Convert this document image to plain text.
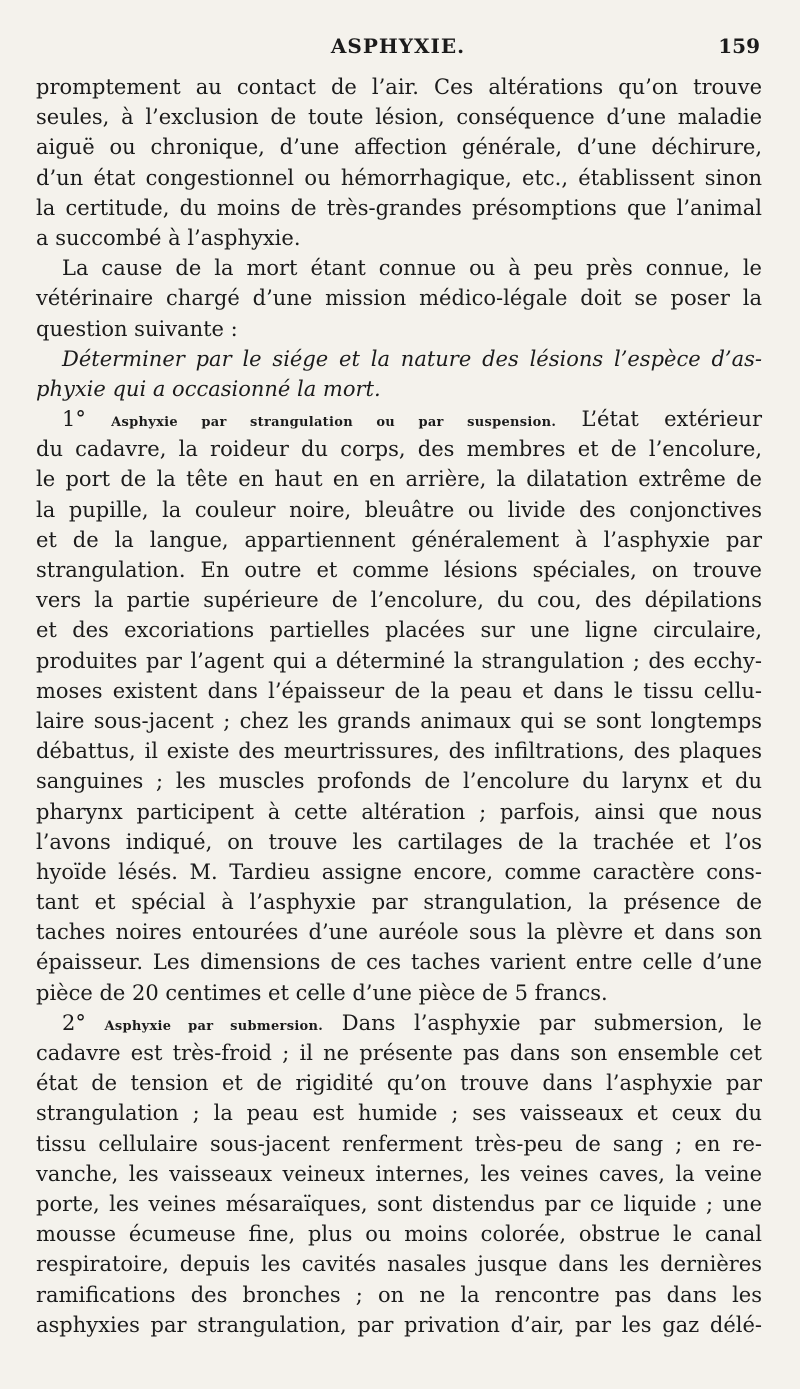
ASPHYXIE.	159
promptement au contact de l’air. Ces altérations qu’on trouve
seules, à l’exclusion de toute lésion, conséquence d’une maladie
aiguë ou chronique, d’une affection générale, d’une déchirure,
d’un état congestionnel ou hémorrhagique, etc., établissent sinon
la certitude, du moins de très-grandes présomptions que l’animal
a succombé à l’asphyxie.
La cause de la mort étant connue ou à peu près connue, le
vétérinaire chargé d’une mission médico-légale doit se poser la
question suivante :
Déterminer par le siége et la nature des lésions l’espèce d’as-
phyxie qui a occasionné la mort.
1° Asphyxie par strangulation ou par suspension. L’état extérieur
du cadavre, la roideur du corps, des membres et de l’encolure,
le port de la tête en haut en en arrière, la dilatation extrême de
la pupille, la couleur noire, bleuâtre ou livide des conjonctives
et de la langue, appartiennent généralement à l’asphyxie par
strangulation. En outre et comme lésions spéciales, on trouve
vers la partie supérieure de l’encolure, du cou, des dépilations
et des excoriations partielles placées sur une ligne circulaire,
produites par l’agent qui a déterminé la strangulation ; des ecchy-
moses existent dans l’épaisseur de la peau et dans le tissu cellu-
laire sous-jacent ; chez les grands animaux qui se sont longtemps
débattus, il existe des meurtrissures, des infiltrations, des plaques
sanguines ; les muscles profonds de l’encolure du larynx et du
pharynx participent à cette altération ; parfois, ainsi que nous
l’avons indiqué, on trouve les cartilages de la trachée et l’os
hyoïde lésés. M. Tardieu assigne encore, comme caractère cons-
tant et spécial à l’asphyxie par strangulation, la présence de
taches noires entourées d’une auréole sous la plèvre et dans son
épaisseur. Les dimensions de ces taches varient entre celle d’une
pièce de 20 centimes et celle d’une pièce de 5 francs.
2° Asphyxie par submersion. Dans l’asphyxie par submersion, le
cadavre est très-froid ; il ne présente pas dans son ensemble cet
état de tension et de rigidité qu’on trouve dans l’asphyxie par
strangulation ; la peau est humide ; ses vaisseaux et ceux du
tissu cellulaire sous-jacent renferment très-peu de sang ; en re-
vanche, les vaisseaux veineux internes, les veines caves, la veine
porte, les veines mésaraïques, sont distendus par ce liquide ; une
mousse écumeuse fine, plus ou moins colorée, obstrue le canal
respiratoire, depuis les cavités nasales jusque dans les dernières
ramifications des bronches ; on ne la rencontre pas dans les
asphyxies par strangulation, par privation d’air, par les gaz délé-
